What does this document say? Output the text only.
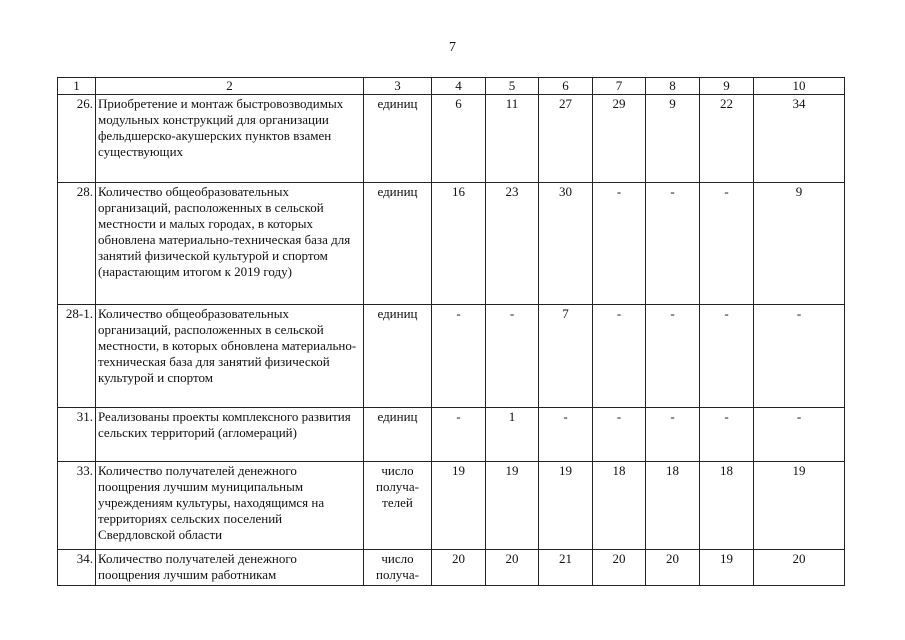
7
1	2	3	4	5	6	7	8	9	10
26.	Приобретение и монтаж быстровозводимых модульных конструкций для организации фельдшерско-акушерских пунктов взамен существующих	единиц	6	11	27	29	9	22	34
28.	Количество общеобразовательных организаций, расположенных в сельской местности и малых городах, в которых обновлена материально-техническая база для занятий физической культурой и спортом (нарастающим итогом к 2019 году)	единиц	16	23	30	-	-	-	9
28-1.	Количество общеобразовательных организаций, расположенных в сельской местности, в которых обновлена материально-техническая база для занятий физической культурой и спортом	единиц	-	-	7	-	-	-	-
31.	Реализованы проекты комплексного развития сельских территорий (агломераций)	единиц	-	1	-	-	-	-	-
33.	Количество получателей денежного поощрения лучшим муниципальным учреждениям культуры, находящимся на территориях сельских поселений Свердловской области	число получа- телей	19	19	19	18	18	18	19
34.	Количество получателей денежного поощрения лучшим работникам	число получа-	20	20	21	20	20	19	20
